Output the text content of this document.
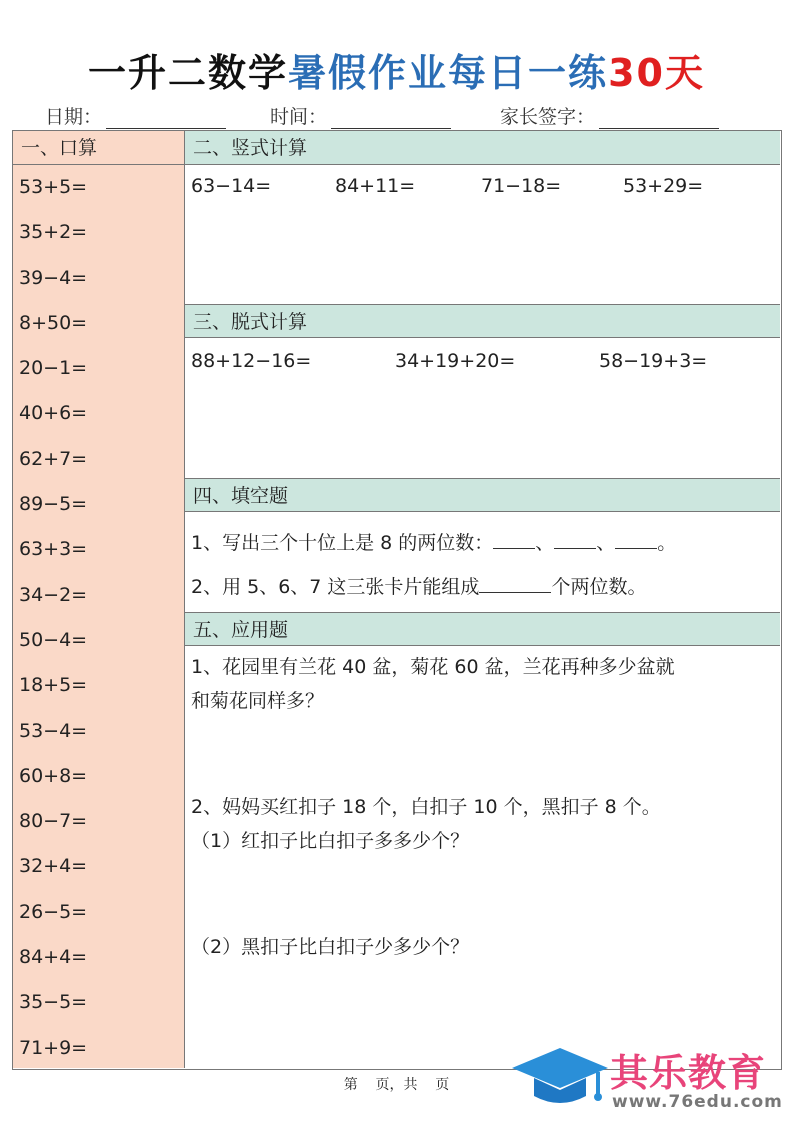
一升二数学暑假作业每日一练30天
日期：	时间：	家长签字：
一、口算
53+5=
35+2=
39−4=
8+50=
20−1=
40+6=
62+7=
89−5=
63+3=
34−2=
50−4=
18+5=
53−4=
60+8=
80−7=
32+4=
26−5=
84+4=
35−5=
71+9=
二、竖式计算
63−14=	84+11=	71−18=	53+29=
三、脱式计算
88+12−16=	34+19+20=	58−19+3=
四、填空题
1、写出三个十位上是 8 的两位数： 、 、 。
2、用 5、6、7 这三张卡片能组成	个两位数。
五、应用题
1、花园里有兰花 40 盆，菊花 60 盆，兰花再种多少盆就
和菊花同样多？
2、妈妈买红扣子 18 个，白扣子 10 个，黑扣子 8 个。
（1）红扣子比白扣子多多少个？
（2）黑扣子比白扣子少多少个？
第    页，共    页	其乐教育
www.76edu.com
